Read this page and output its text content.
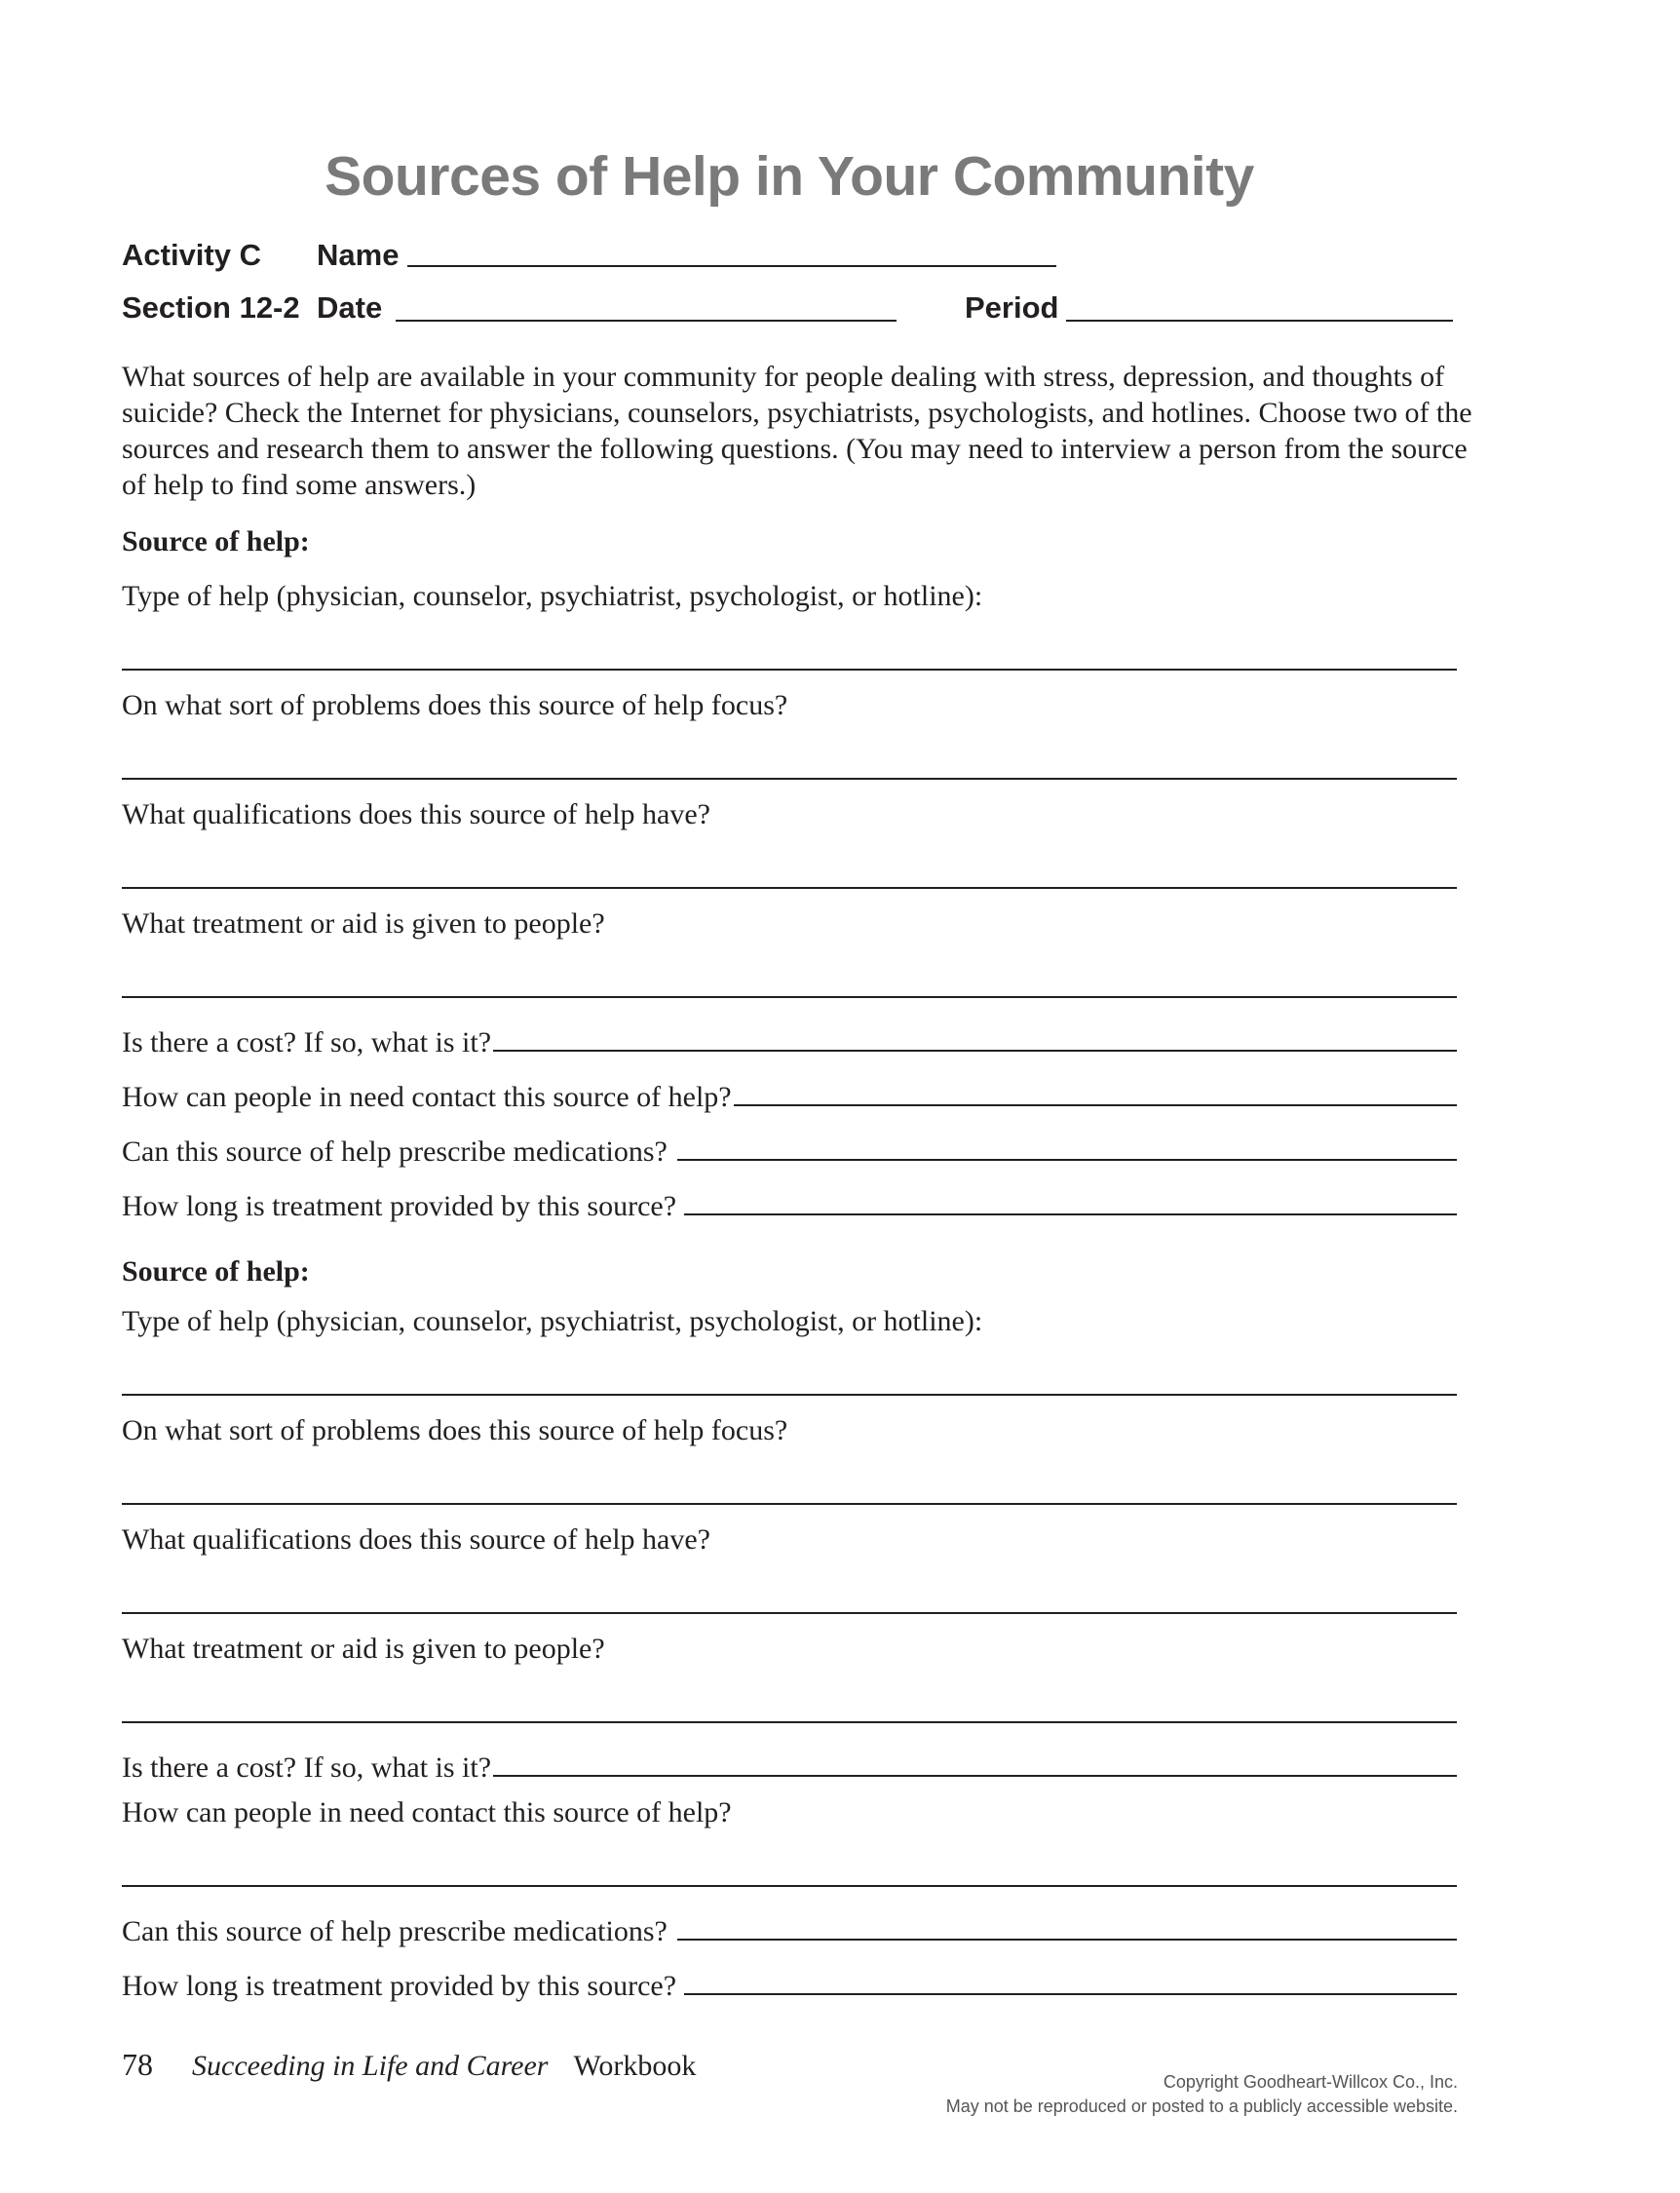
Sources of Help in Your Community
Activity C Name
Section 12-2 Date	Period
What sources of help are available in your community for people dealing with stress, depression, and thoughts of suicide? Check the Internet for physicians, counselors, psychiatrists, psychologists, and hotlines. Choose two of the sources and research them to answer the following questions. (You may need to interview a person from the source of help to find some answers.)
Source of help:
Type of help (physician, counselor, psychiatrist, psychologist, or hotline):
On what sort of problems does this source of help focus?
What qualifications does this source of help have?
What treatment or aid is given to people?
Is there a cost? If so, what is it?
How can people in need contact this source of help?
Can this source of help prescribe medications?
How long is treatment provided by this source?
Source of help:
Type of help (physician, counselor, psychiatrist, psychologist, or hotline):
On what sort of problems does this source of help focus?
What qualifications does this source of help have?
What treatment or aid is given to people?
Is there a cost? If so, what is it?
How can people in need contact this source of help?
Can this source of help prescribe medications?
How long is treatment provided by this source?
78 Succeeding in Life and Career Workbook	Copyright Goodheart-Willcox Co., Inc.
May not be reproduced or posted to a publicly accessible website.
